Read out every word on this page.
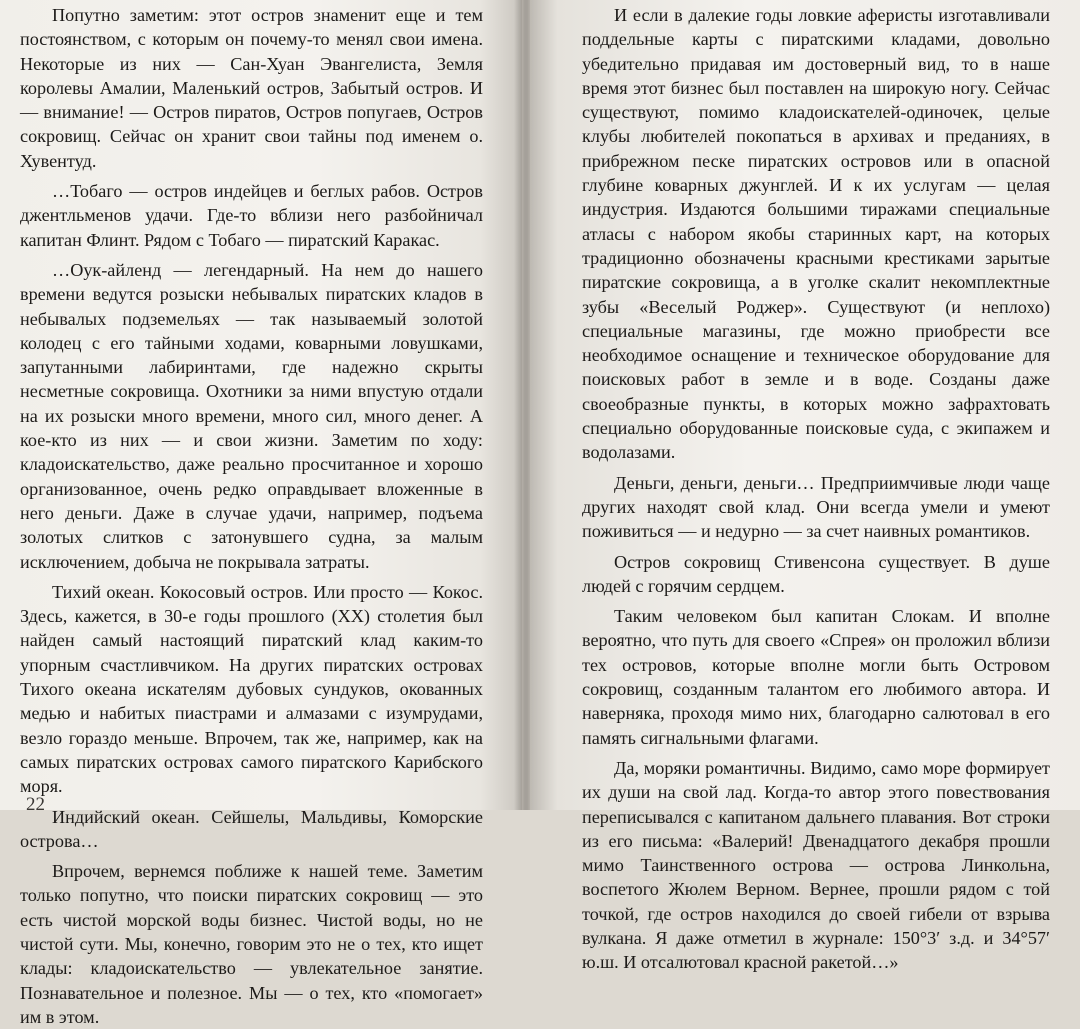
Попутно заметим: этот остров знаменит еще и тем постоянством, с которым он почему-то менял свои имена. Некоторые из них — Сан-Хуан Эвангелиста, Земля королевы Амалии, Маленький остров, Забытый остров. И — внимание! — Остров пиратов, Остров попугаев, Остров сокровищ. Сейчас он хранит свои тайны под именем о. Хувентуд.

…Тобаго — остров индейцев и беглых рабов. Остров джентльменов удачи. Где-то вблизи него разбойничал капитан Флинт. Рядом с Тобаго — пиратский Каракас.

…Оук-айленд — легендарный. На нем до нашего времени ведутся розыски небывалых пиратских кладов в небывалых подземельях — так называемый золотой колодец с его тайными ходами, коварными ловушками, запутанными лабиринтами, где надежно скрыты несметные сокровища. Охотники за ними впустую отдали на их розыски много времени, много сил, много денег. А кое-кто из них — и свои жизни. Заметим по ходу: кладоискательство, даже реально просчитанное и хорошо организованное, очень редко оправдывает вложенные в него деньги. Даже в случае удачи, например, подъема золотых слитков с затонувшего судна, за малым исключением, добыча не покрывала затраты.

Тихий океан. Кокосовый остров. Или просто — Кокос. Здесь, кажется, в 30-е годы прошлого (XX) столетия был найден самый настоящий пиратский клад каким-то упорным счастливчиком. На других пиратских островах Тихого океана искателям дубовых сундуков, окованных медью и набитых пиастрами и алмазами с изумрудами, везло гораздо меньше. Впрочем, так же, например, как на самых пиратских островах самого пиратского Карибского моря.

Индийский океан. Сейшелы, Мальдивы, Коморские острова…

Впрочем, вернемся поближе к нашей теме. Заметим только попутно, что поиски пиратских сокровищ — это есть чистой морской воды бизнес. Чистой воды, но не чистой сути. Мы, конечно, говорим это не о тех, кто ищет клады: кладоискательство — увлекательное занятие. Познавательное и полезное. Мы — о тех, кто «помогает» им в этом.

22

И если в далекие годы ловкие аферисты изготавливали поддельные карты с пиратскими кладами, довольно убедительно придавая им достоверный вид, то в наше время этот бизнес был поставлен на широкую ногу. Сейчас существуют, помимо кладоискателей-одиночек, целые клубы любителей покопаться в архивах и преданиях, в прибрежном песке пиратских островов или в опасной глубине коварных джунглей. И к их услугам — целая индустрия. Издаются большими тиражами специальные атласы с набором якобы старинных карт, на которых традиционно обозначены красными крестиками зарытые пиратские сокровища, а в уголке скалит некомплектные зубы «Веселый Роджер». Существуют (и неплохо) специальные магазины, где можно приобрести все необходимое оснащение и техническое оборудование для поисковых работ в земле и в воде. Созданы даже своеобразные пункты, в которых можно зафрахтовать специально оборудованные поисковые суда, с экипажем и водолазами.

Деньги, деньги, деньги… Предприимчивые люди чаще других находят свой клад. Они всегда умели и умеют поживиться — и недурно — за счет наивных романтиков.

Остров сокровищ Стивенсона существует. В душе людей с горячим сердцем.

Таким человеком был капитан Слокам. И вполне вероятно, что путь для своего «Спрея» он проложил вблизи тех островов, которые вполне могли быть Островом сокровищ, созданным талантом его любимого автора. И наверняка, проходя мимо них, благодарно салютовал в его память сигнальными флагами.

Да, моряки романтичны. Видимо, само море формирует их души на свой лад. Когда-то автор этого повествования переписывался с капитаном дальнего плавания. Вот строки из его письма: «Валерий! Двенадцатого декабря прошли мимо Таинственного острова — острова Линкольна, воспетого Жюлем Верном. Вернее, прошли рядом с той точкой, где остров находился до своей гибели от взрыва вулкана. Я даже отметил в журнале: 150°3′ з.д. и 34°57′ ю.ш. И отсалютовал красной ракетой…»
